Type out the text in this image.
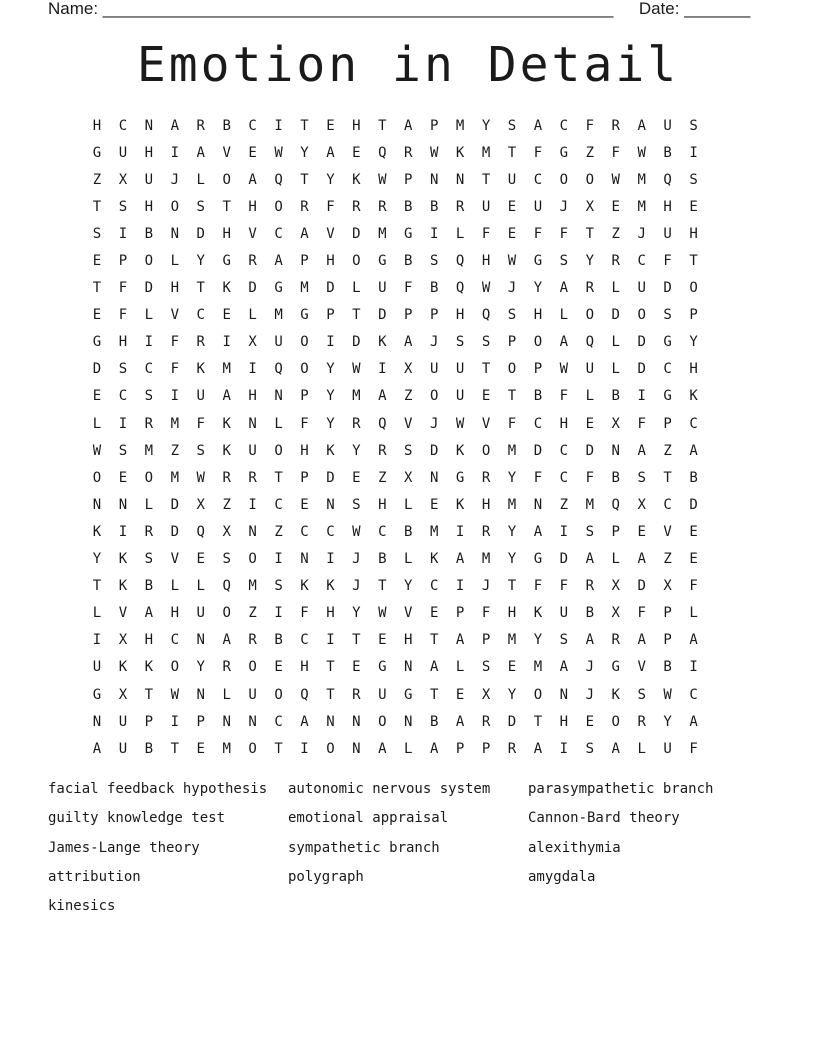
Name: ______________________________________________________ Date: _______
Emotion in Detail
H	C	N	A	R	B	C	I	T	E	H	T	A	P	M	Y	S	A	C	F	R	A	U	S
G	U	H	I	A	V	E	W	Y	A	E	Q	R	W	K	M	T	F	G	Z	F	W	B	I
Z	X	U	J	L	O	A	Q	T	Y	K	W	P	N	N	T	U	C	O	O	W	M	Q	S
T	S	H	O	S	T	H	O	R	F	R	R	B	B	R	U	E	U	J	X	E	M	H	E
S	I	B	N	D	H	V	C	A	V	D	M	G	I	L	F	E	F	F	T	Z	J	U	H
E	P	O	L	Y	G	R	A	P	H	O	G	B	S	Q	H	W	G	S	Y	R	C	F	T
T	F	D	H	T	K	D	G	M	D	L	U	F	B	Q	W	J	Y	A	R	L	U	D	O
E	F	L	V	C	E	L	M	G	P	T	D	P	P	H	Q	S	H	L	O	D	O	S	P
G	H	I	F	R	I	X	U	O	I	D	K	A	J	S	S	P	O	A	Q	L	D	G	Y
D	S	C	F	K	M	I	Q	O	Y	W	I	X	U	U	T	O	P	W	U	L	D	C	H
E	C	S	I	U	A	H	N	P	Y	M	A	Z	O	U	E	T	B	F	L	B	I	G	K
L	I	R	M	F	K	N	L	F	Y	R	Q	V	J	W	V	F	C	H	E	X	F	P	C
W	S	M	Z	S	K	U	O	H	K	Y	R	S	D	K	O	M	D	C	D	N	A	Z	A
O	E	O	M	W	R	R	T	P	D	E	Z	X	N	G	R	Y	F	C	F	B	S	T	B
N	N	L	D	X	Z	I	C	E	N	S	H	L	E	K	H	M	N	Z	M	Q	X	C	D
K	I	R	D	Q	X	N	Z	C	C	W	C	B	M	I	R	Y	A	I	S	P	E	V	E
Y	K	S	V	E	S	O	I	N	I	J	B	L	K	A	M	Y	G	D	A	L	A	Z	E
T	K	B	L	L	Q	M	S	K	K	J	T	Y	C	I	J	T	F	F	R	X	D	X	F
L	V	A	H	U	O	Z	I	F	H	Y	W	V	E	P	F	H	K	U	B	X	F	P	L
I	X	H	C	N	A	R	B	C	I	T	E	H	T	A	P	M	Y	S	A	R	A	P	A
U	K	K	O	Y	R	O	E	H	T	E	G	N	A	L	S	E	M	A	J	G	V	B	I
G	X	T	W	N	L	U	O	Q	T	R	U	G	T	E	X	Y	O	N	J	K	S	W	C
N	U	P	I	P	N	N	C	A	N	N	O	N	B	A	R	D	T	H	E	O	R	Y	A
A	U	B	T	E	M	O	T	I	O	N	A	L	A	P	P	R	A	I	S	A	L	U	F
facial feedback hypothesis	autonomic nervous system	parasympathetic branch
guilty knowledge test	emotional appraisal	Cannon-Bard theory
James-Lange theory	sympathetic branch	alexithymia
attribution	polygraph	amygdala
kinesics
